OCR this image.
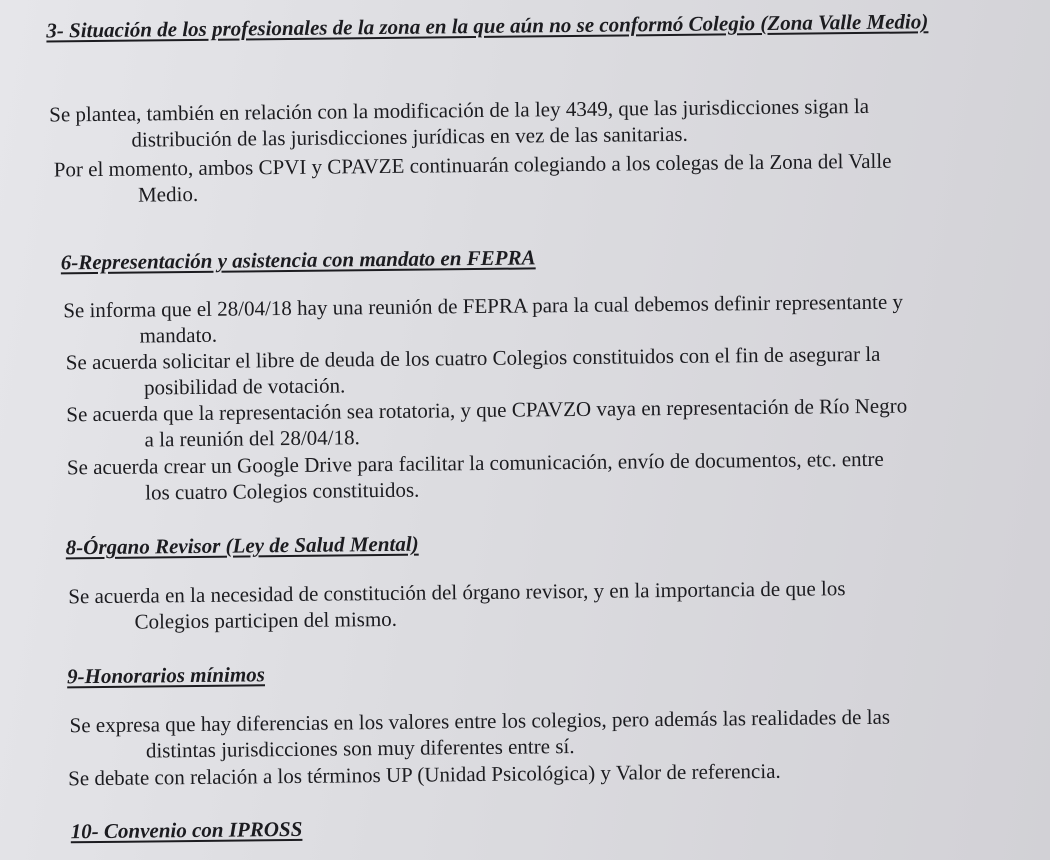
3- Situación de los profesionales de la zona en la que aún no se conformó Colegio (Zona Valle Medio)
Se plantea, también en relación con la modificación de la ley 4349, que las jurisdicciones sigan la
distribución de las jurisdicciones jurídicas en vez de las sanitarias.
Por el momento, ambos CPVI y CPAVZE continuarán colegiando a los colegas de la Zona del Valle
Medio.
6-Representación y asistencia con mandato en FEPRA
Se informa que el 28/04/18 hay una reunión de FEPRA para la cual debemos definir representante y
mandato.
Se acuerda solicitar el libre de deuda de los cuatro Colegios constituidos con el fin de asegurar la
posibilidad de votación.
Se acuerda que la representación sea rotatoria, y que CPAVZO vaya en representación de Río Negro
a la reunión del 28/04/18.
Se acuerda crear un Google Drive para facilitar la comunicación, envío de documentos, etc. entre
los cuatro Colegios constituidos.
8-Órgano Revisor (Ley de Salud Mental)
Se acuerda en la necesidad de constitución del órgano revisor, y en la importancia de que los
Colegios participen del mismo.
9-Honorarios mínimos
Se expresa que hay diferencias en los valores entre los colegios, pero además las realidades de las
distintas jurisdicciones son muy diferentes entre sí.
Se debate con relación a los términos UP (Unidad Psicológica) y Valor de referencia.
10- Convenio con IPROSS
